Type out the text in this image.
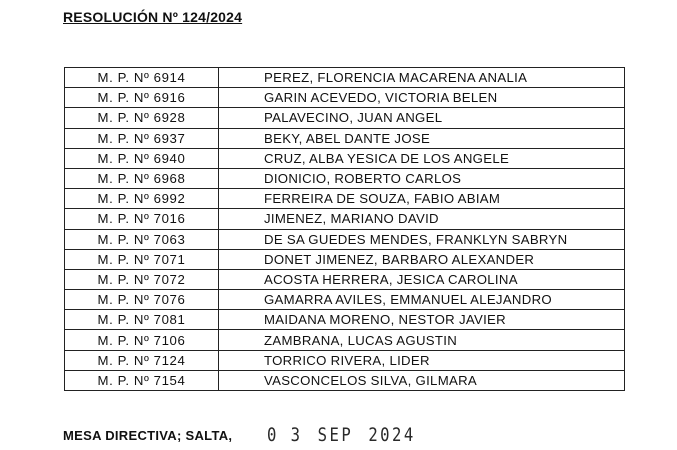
RESOLUCIÓN Nº 124/2024
M. P. Nº 6914	PEREZ, FLORENCIA MACARENA ANALIA
M. P. Nº 6916	GARIN ACEVEDO, VICTORIA BELEN
M. P. Nº 6928	PALAVECINO, JUAN ANGEL
M. P. Nº 6937	BEKY, ABEL DANTE JOSE
M. P. Nº 6940	CRUZ, ALBA YESICA DE LOS ANGELE
M. P. Nº 6968	DIONICIO, ROBERTO CARLOS
M. P. Nº 6992	FERREIRA DE SOUZA, FABIO ABIAM
M. P. Nº 7016	JIMENEZ, MARIANO DAVID
M. P. Nº 7063	DE SA GUEDES MENDES, FRANKLYN SABRYN
M. P. Nº 7071	DONET JIMENEZ, BARBARO ALEXANDER
M. P. Nº 7072	ACOSTA HERRERA, JESICA CAROLINA
M. P. Nº 7076	GAMARRA AVILES, EMMANUEL ALEJANDRO
M. P. Nº 7081	MAIDANA MORENO, NESTOR JAVIER
M. P. Nº 7106	ZAMBRANA, LUCAS AGUSTIN
M. P. Nº 7124	TORRICO RIVERA, LIDER
M. P. Nº 7154	VASCONCELOS SILVA, GILMARA
MESA DIRECTIVA; SALTA, 0 3 SEP 2024
